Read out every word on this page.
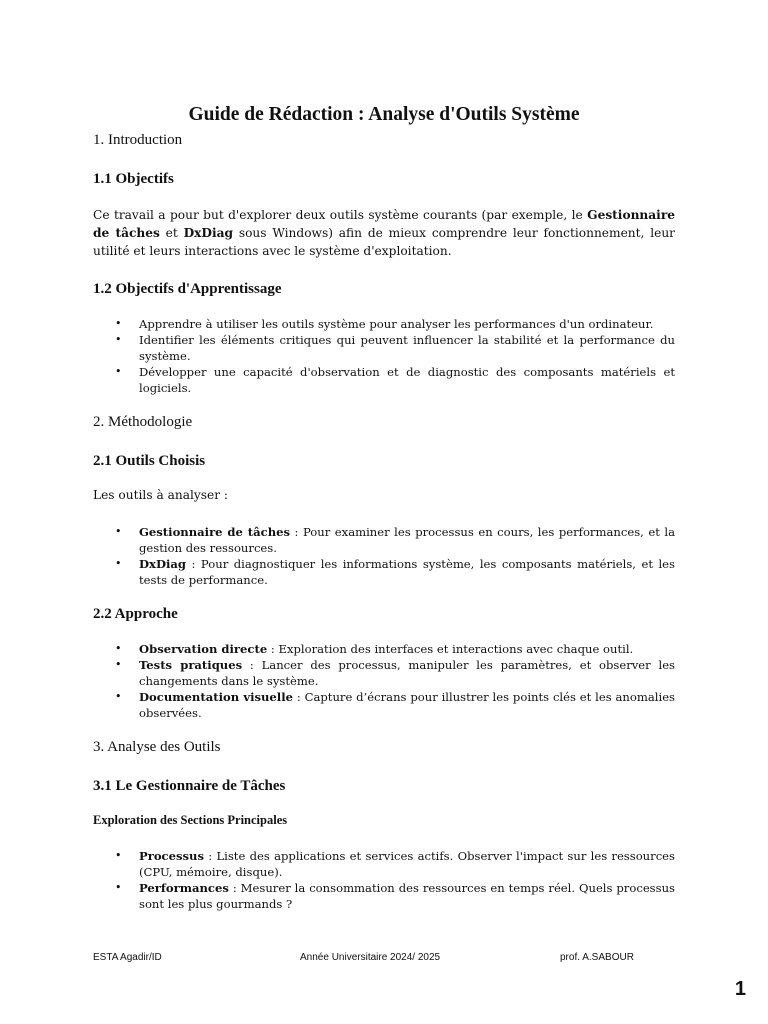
Guide de Rédaction : Analyse d'Outils Système
1. Introduction
1.1 Objectifs

Ce travail a pour but d'explorer deux outils système courants (par exemple, le Gestionnaire de tâches et DxDiag sous Windows) afin de mieux comprendre leur fonctionnement, leur utilité et leurs interactions avec le système d'exploitation.

1.2 Objectifs d'Apprentissage
• Apprendre à utiliser les outils système pour analyser les performances d'un ordinateur.
• Identifier les éléments critiques qui peuvent influencer la stabilité et la performance du système.
• Développer une capacité d'observation et de diagnostic des composants matériels et logiciels.
2. Méthodologie
2.1 Outils Choisis
Les outils à analyser :
• Gestionnaire de tâches : Pour examiner les processus en cours, les performances, et la gestion des ressources.
• DxDiag : Pour diagnostiquer les informations système, les composants matériels, et les tests de performance.
2.2 Approche
• Observation directe : Exploration des interfaces et interactions avec chaque outil.
• Tests pratiques : Lancer des processus, manipuler les paramètres, et observer les changements dans le système.
• Documentation visuelle : Capture d’écrans pour illustrer les points clés et les anomalies observées.
3. Analyse des Outils
3.1 Le Gestionnaire de Tâches
Exploration des Sections Principales
• Processus : Liste des applications et services actifs. Observer l'impact sur les ressources (CPU, mémoire, disque).
• Performances : Mesurer la consommation des ressources en temps réel. Quels processus sont les plus gourmands ?
ESTA Agadir/ID	Année Universitaire 2024/ 2025	prof. A.SABOUR
1
